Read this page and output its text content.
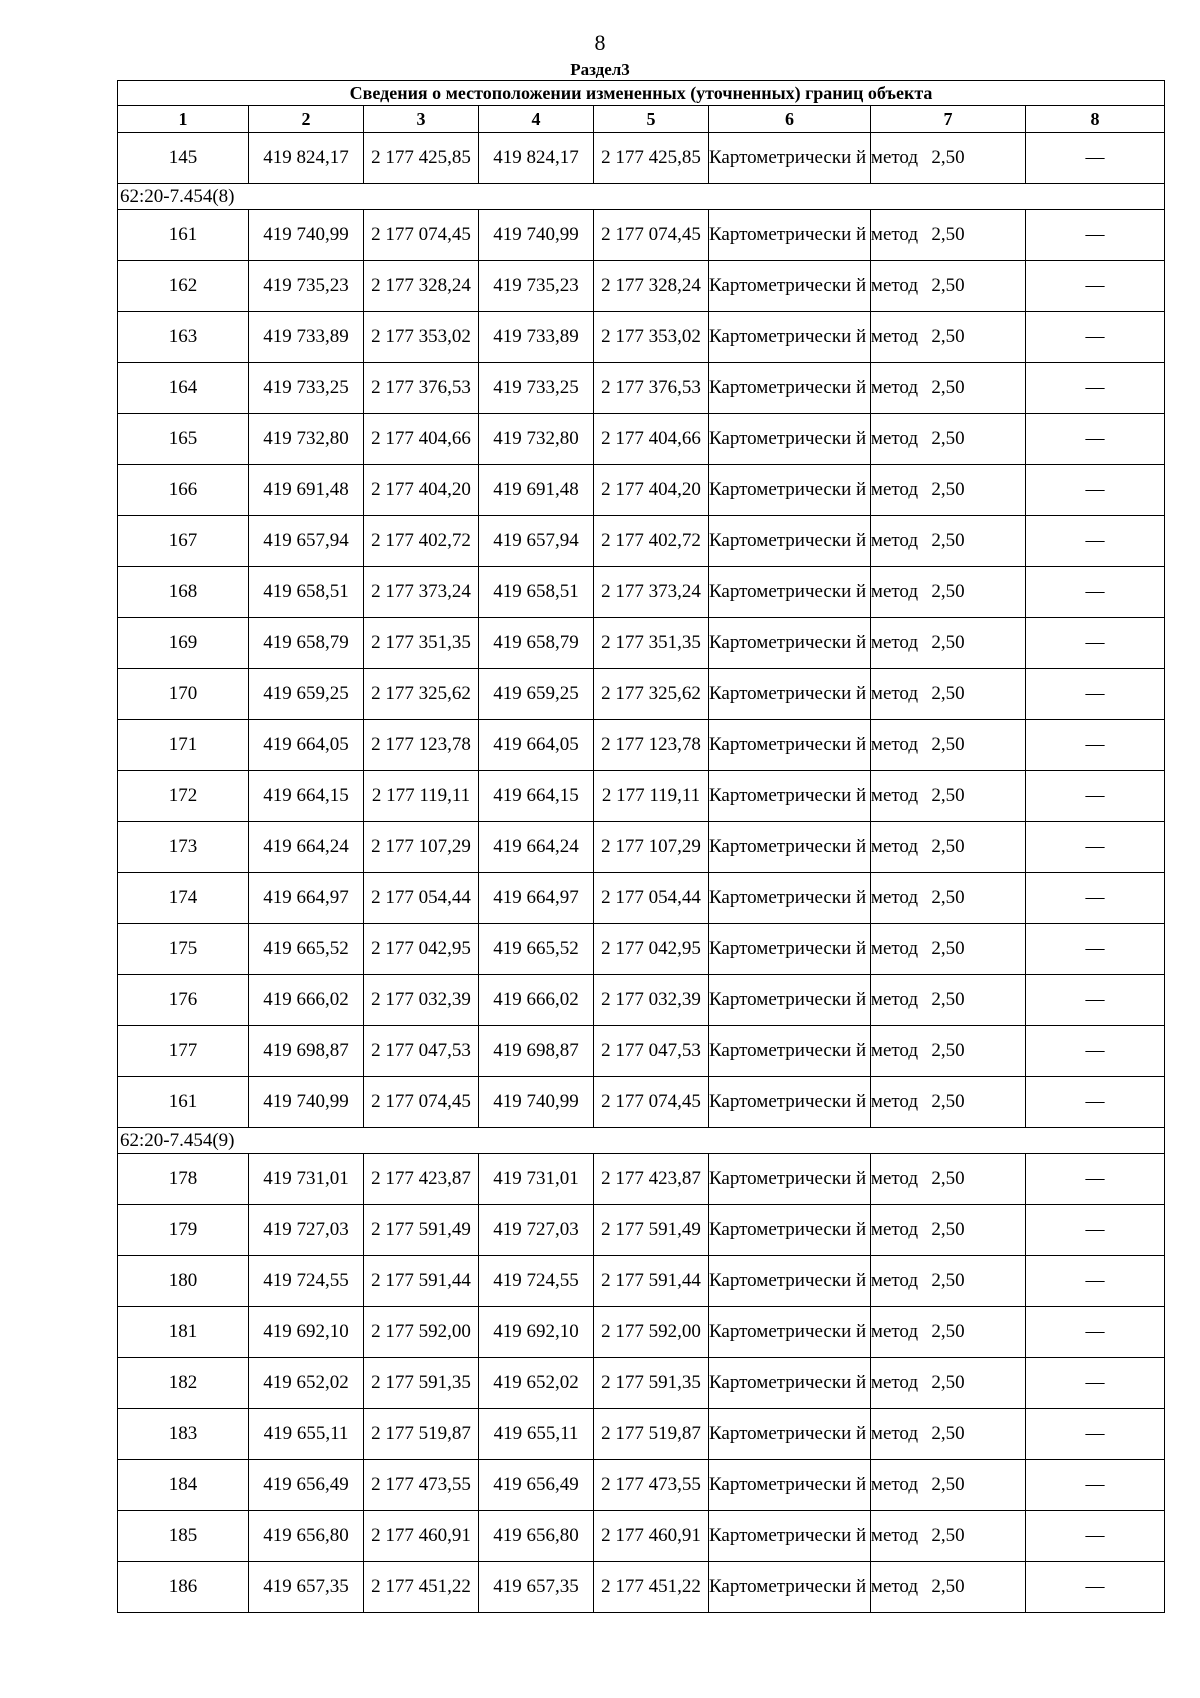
8
Раздел3
Сведения о местоположении измененных (уточненных) границ объекта							
1	2	3	4	5	6	7	8
145	419 824,17	2 177 425,85	419 824,17	2 177 425,85	Картометрически й метод	2,50	—
62:20-7.454(8)							
161	419 740,99	2 177 074,45	419 740,99	2 177 074,45	Картометрически й метод	2,50	—
162	419 735,23	2 177 328,24	419 735,23	2 177 328,24	Картометрически й метод	2,50	—
163	419 733,89	2 177 353,02	419 733,89	2 177 353,02	Картометрически й метод	2,50	—
164	419 733,25	2 177 376,53	419 733,25	2 177 376,53	Картометрически й метод	2,50	—
165	419 732,80	2 177 404,66	419 732,80	2 177 404,66	Картометрически й метод	2,50	—
166	419 691,48	2 177 404,20	419 691,48	2 177 404,20	Картометрически й метод	2,50	—
167	419 657,94	2 177 402,72	419 657,94	2 177 402,72	Картометрически й метод	2,50	—
168	419 658,51	2 177 373,24	419 658,51	2 177 373,24	Картометрически й метод	2,50	—
169	419 658,79	2 177 351,35	419 658,79	2 177 351,35	Картометрически й метод	2,50	—
170	419 659,25	2 177 325,62	419 659,25	2 177 325,62	Картометрически й метод	2,50	—
171	419 664,05	2 177 123,78	419 664,05	2 177 123,78	Картометрически й метод	2,50	—
172	419 664,15	2 177 119,11	419 664,15	2 177 119,11	Картометрически й метод	2,50	—
173	419 664,24	2 177 107,29	419 664,24	2 177 107,29	Картометрически й метод	2,50	—
174	419 664,97	2 177 054,44	419 664,97	2 177 054,44	Картометрически й метод	2,50	—
175	419 665,52	2 177 042,95	419 665,52	2 177 042,95	Картометрически й метод	2,50	—
176	419 666,02	2 177 032,39	419 666,02	2 177 032,39	Картометрически й метод	2,50	—
177	419 698,87	2 177 047,53	419 698,87	2 177 047,53	Картометрически й метод	2,50	—
161	419 740,99	2 177 074,45	419 740,99	2 177 074,45	Картометрически й метод	2,50	—
62:20-7.454(9)							
178	419 731,01	2 177 423,87	419 731,01	2 177 423,87	Картометрически й метод	2,50	—
179	419 727,03	2 177 591,49	419 727,03	2 177 591,49	Картометрически й метод	2,50	—
180	419 724,55	2 177 591,44	419 724,55	2 177 591,44	Картометрически й метод	2,50	—
181	419 692,10	2 177 592,00	419 692,10	2 177 592,00	Картометрически й метод	2,50	—
182	419 652,02	2 177 591,35	419 652,02	2 177 591,35	Картометрически й метод	2,50	—
183	419 655,11	2 177 519,87	419 655,11	2 177 519,87	Картометрически й метод	2,50	—
184	419 656,49	2 177 473,55	419 656,49	2 177 473,55	Картометрически й метод	2,50	—
185	419 656,80	2 177 460,91	419 656,80	2 177 460,91	Картометрически й метод	2,50	—
186	419 657,35	2 177 451,22	419 657,35	2 177 451,22	Картометрически й метод	2,50	—
